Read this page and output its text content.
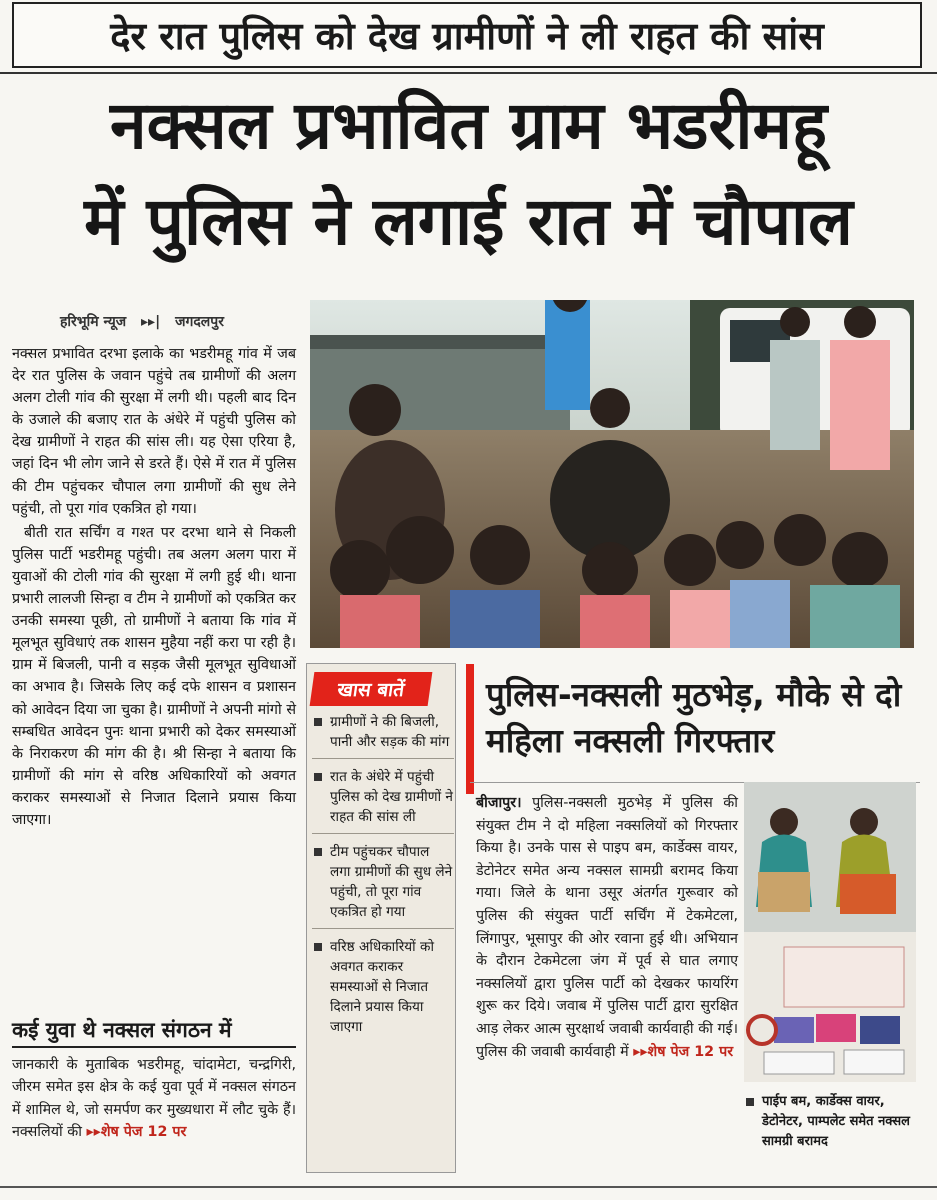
देर रात पुलिस को देख ग्रामीणों ने ली राहत की सांस
नक्सल प्रभावित ग्राम भडरीमहू
में पुलिस ने लगाई रात में चौपाल
हरिभूमि न्यूज ▸▸| जगदलपुर

नक्सल प्रभावित दरभा इलाके का भडरीमहू गांव में जब देर रात पुलिस के जवान पहुंचे तब ग्रामीणों की अलग अलग टोली गांव की सुरक्षा में लगी थी। पहली बाद दिन के उजाले की बजाए रात के अंधेरे में पहुंची पुलिस को देख ग्रामीणों ने राहत की सांस ली। यह ऐसा एरिया है, जहां दिन भी लोग जाने से डरते हैं। ऐसे में रात में पुलिस की टीम पहुंचकर चौपाल लगा ग्रामीणों की सुध लेने पहुंची, तो पूरा गांव एकत्रित हो गया।

बीती रात सर्चिंग व गश्त पर दरभा थाने से निकली पुलिस पार्टी भडरीमहू पहुंची। तब अलग अलग पारा में युवाओं की टोली गांव की सुरक्षा में लगी हुई थी। थाना प्रभारी लालजी सिन्हा व टीम ने ग्रामीणों को एकत्रित कर उनकी समस्या पूछी, तो ग्रामीणों ने बताया कि गांव में मूलभूत सुविधाएं तक शासन मुहैया नहीं करा पा रही है। ग्राम में बिजली, पानी व सड़क जैसी मूलभूत सुविधाओं का अभाव है। जिसके लिए कई दफे शासन व प्रशासन को आवेदन दिया जा चुका है। ग्रामीणों ने अपनी मांगो से सम्बधित आवेदन पुनः थाना प्रभारी को देकर समस्याओं के निराकरण की मांग की है। श्री सिन्हा ने बताया कि ग्रामीणों की मांग से वरिष्ठ अधिकारियों को अवगत कराकर समस्याओं से निजात दिलाने प्रयास किया जाएगा।

कई युवा थे नक्सल संगठन में
जानकारी के मुताबिक भडरीमहू, चांदामेटा, चन्द्रगिरी, जीरम समेत इस क्षेत्र के कई युवा पूर्व में नक्सल संगठन में शामिल थे, जो समर्पण कर मुख्यधारा में लौट चुके हैं। नक्सलियों की ▸▸शेष पेज 12 पर
खास बातें
ग्रामीणों ने की बिजली, पानी और सड़क की मांग
रात के अंधेरे में पहुंची पुलिस को देख ग्रामीणों ने राहत की सांस ली
टीम पहुंचकर चौपाल लगा ग्रामीणों की सुध लेने पहुंची, तो पूरा गांव एकत्रित हो गया
वरिष्ठ अधिकारियों को अवगत कराकर समस्याओं से निजात दिलाने प्रयास किया जाएगा
पुलिस-नक्सली मुठभेड़, मौके से दो महिला नक्सली गिरफ्तार
बीजापुर। पुलिस-नक्सली मुठभेड़ में पुलिस की संयुक्त टीम ने दो महिला नक्सलियों को गिरफ्तार किया है। उनके पास से पाइप बम, कार्डेक्स वायर, डेटोनेटर समेत अन्य नक्सल सामग्री बरामद किया गया। जिले के थाना उसूर अंतर्गत गुरूवार को पुलिस की संयुक्त पार्टी सर्चिंग में टेकमेटला, लिंगापुर, भूसापुर की ओर रवाना हुई थी। अभियान के दौरान टेकमेटला जंग में पूर्व से घात लगाए नक्सलियों द्वारा पुलिस पार्टी को देखकर फायरिंग शुरू कर दिये। जवाब में पुलिस पार्टी द्वारा सुरक्षित आड़ लेकर आत्म सुरक्षार्थ जवाबी कार्यवाही की गई। पुलिस की जवाबी कार्यवाही में ▸▸शेष पेज 12 पर
पाईप बम, कार्डेक्स वायर, डेटोनेटर, पाम्पलेट समेत नक्सल सामग्री बरामद
